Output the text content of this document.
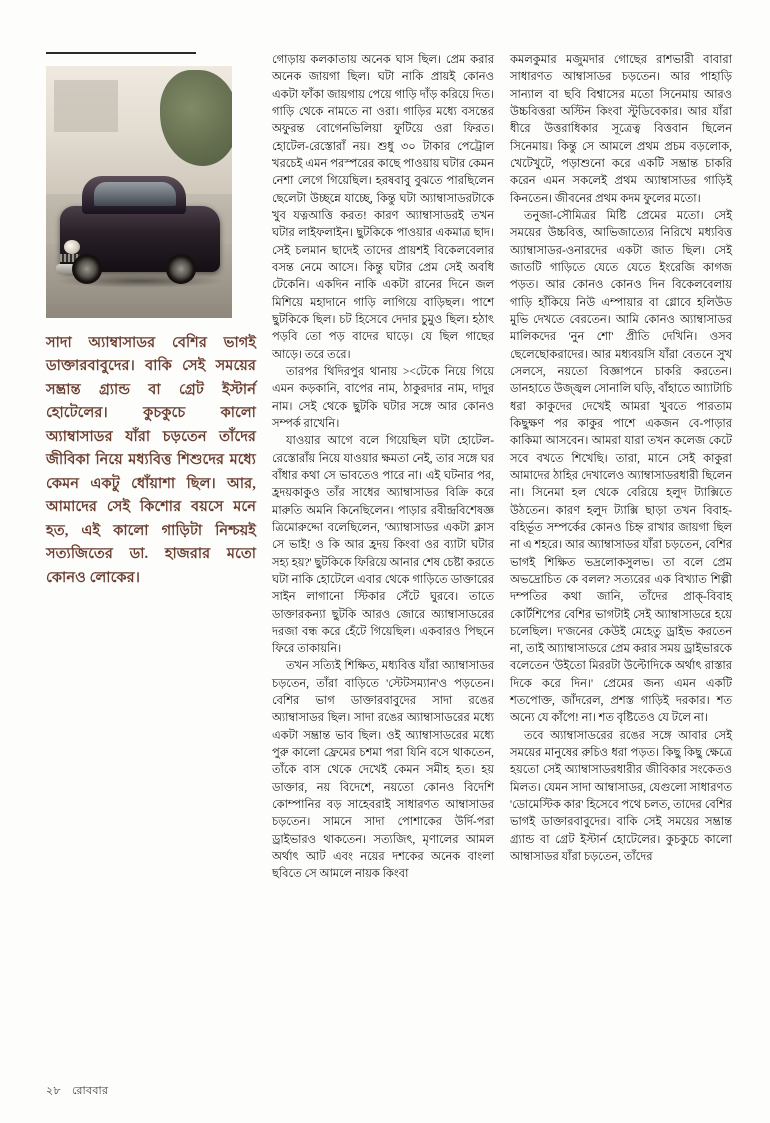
সাদা অ্যাম্বাসাডর বেশির ভাগই ডাক্তারবাবুদের। বাকি সেই সময়ের সম্ভ্রান্ত গ্র্যান্ড বা গ্রেট ইস্টার্ন হোটেলের। কুচকুচে কালো অ্যাম্বাসাডর যাঁরা চড়তেন তাঁদের জীবিকা নিয়ে মধ্যবিত্ত শিশুদের মধ্যে কেমন একটু ধোঁয়াশা ছিল। আর, আমাদের সেই কিশোর বয়সে মনে হত, এই কালো গাড়িটা নিশ্চয়ই সত্যজিতের ডা. হাজরার মতো কোনও লোকের।

গোড়ায় কলকাতায় অনেক ঘাস ছিল। প্রেম করার অনেক জায়গা ছিল। ঘটা নাকি প্রায়ই কোনও একটা ফাঁকা জায়গায় পেয়ে গাড়ি দাঁড় করিয়ে দিত। গাড়ি থেকে নামতে না ওরা। গাড়ির মধ্যে বসন্তের অফুরন্ত বোগেনভিলিয়া ফুটিয়ে ওরা ফিরত। হোটেল-রেস্তোরাঁ নয়। শুধু ৩০ টাকার পেট্রোল খরচেই এমন পরস্পরের কাছে পাওয়ায় ঘটার কেমন নেশা লেগে গিয়েছিল। হরষবাবু বুঝতে পারছিলেন ছেলেটা উচ্ছন্নে যাচ্ছে, কিন্তু ঘটা অ্যাম্বাসাডরটাকে খুব যত্নআত্তি করত! কারণ অ্যাম্বাসাডরই তখন ঘটার লাইফলাইন। ছুটকিকে পাওয়ার একমাত্র ছাদ। সেই চলমান ছাদেই তাদের প্রায়শই বিকেলবেলার বসন্ত নেমে আসে। কিন্তু ঘটার প্রেম সেই অবধি টেকেনি। একদিন নাকি একটা রানের দিনে জল মিশিয়ে মহাদানে গাড়ি লাগিয়ে বাড়িছল। পাশে ছুটকিকে ছিল। চট হিসেবে দেদার চুমুও ছিল। হঠাৎ পড়বি তো পড় বাদের ঘাড়ে। যে ছিল গাছের আড়ে। তরে তরে।

তারপর থিদিরপুর থানায় ><টেকে নিয়ে গিয়ে এমন কড়কানি, বাপের নাম, ঠাকুরদার নাম, দাদুর নাম। সেই থেকে ছুটকি ঘটার সঙ্গে আর কোনও সম্পর্ক রাখেনি।

যাওয়ার আগে বলে গিয়েছিল ঘটা হোটেল-রেস্তোরাঁয় নিয়ে যাওয়ার ক্ষমতা নেই, তার সঙ্গে ঘর বাঁধার কথা সে ভাবতেও পারে না। এই ঘটনার পর, হ্রদয়কাকুও তাঁর সাধের অ্যাম্বাসাডর বিক্রি করে মারুতি অমনি কিনেছিলেন। পাড়ার রবীন্দ্রবিশেষজ্ঞ ত্রিমোরুদ্দাে বলেছিলেন, 'অ্যাম্বাসাডর একটা ক্লাস সে ভাই! ও কি আর হ্রদয় কিংবা ওর ব্যাটা ঘটার সহ্য হয়?' ছুটকিকে ফিরিয়ে আনার শেষ চেষ্টা করতে ঘটা নাকি হোটেলে এবার থেকে গাড়িতে ডাক্তারের সাইন লাগানো স্টিকার সেঁটে ঘুরবে। তাতে ডাক্তারকন্যা ছুটকি আরও জোরে অ্যাম্বাসাডরের দরজা বন্ধ করে হেঁটে গিয়েছিল। একবারও পিছনে ফিরে তাকায়নি।

তখন সত্যিই শিক্ষিত, মধ্যবিত্ত যাঁরা অ্যাম্বাসাডর চড়তেন, তাঁরা বাড়িতে 'স্টেটসম্যান'ও পড়তেন। বেশির ভাগ ডাক্তারবাবুদের সাদা রঙের অ্যাম্বাসাডর ছিল। সাদা রঙের অ্যাম্বাসাডরের মধ্যে একটা সম্ভ্রান্ত ভাব ছিল। ওই অ্যাম্বাসাডরের মধ্যে পুরু কালো ফ্রেমের চশমা পরা যিনি বসে থাকতেন, তাঁকে বাস থেকে দেখেই কেমন সমীহ হত। হয় ডাক্তার, নয় বিদেশে, নয়তো কোনও বিদেশি কোম্পানির বড় সাহেবরাই সাধারণত আম্বাসাডর চড়তেন। সামনে সাদা পোশাকের উর্দি-পরা ড্রাইভারও থাকতেন। সত্যজিৎ, মৃণালের আমল অর্থাৎ আট এবং নয়ের দশকের অনেক বাংলা ছবিতে সে আমলে নায়ক কিংবা

কমলকুমার মজুমদার গোছের রাশভারী বাবারা সাধারণত আম্বাসাডর চড়তেন। আর পাহাড়ি সান্যাল বা ছবি বিশ্বাসের মতো সিনেমায় আরও উচ্চবিত্তরা অস্টিন কিংবা স্টুডিবেকার। আর যাঁরা ধীরে উত্তরাধিকার সূত্রেত্ব বিত্তবান ছিলেন সিনেমায়। কিন্তু সে আমলে প্রথম প্রচম বড়লোক, খেটেখুটে, পড়াশুনো করে একটি সম্ভ্রান্ত চাকরি করেন এমন সকলেই প্রথম অ্যাম্বাসাডর গাড়িই কিনতেন। জীবনের প্রথম কদম ফুলের মতো।

তনুজা-সৌমিত্রর মিষ্টি প্রেমের মতো। সেই সময়ের উচ্চবিত্ত, আভিজাত্যের নিরিখে মধ্যবিত্ত অ্যাম্বাসাডর-ওনারদের একটা জাত ছিল। সেই জাতটি গাড়িতে যেতে যেতে ইংরেজি কাগজ পড়ত। আর কোনও কোনও দিন বিকেলবেলায় গাড়ি হাঁকিয়ে নিউ এম্পায়ার বা গ্লোবে হলিউড মুভি দেখতে বেরতেন। আমি কোনও অ্যাম্বাসাডর মালিকদের 'নুন শো' প্রীতি দেখিনি। ওসব ছেলেছোকরাদের। আর মধ্যবয়সি যাঁরা বেতনে সুখ সেলসে, নয়তো বিজ্ঞাপনে চাকরি করতেন। ডানহাতে উজ্জ্বল সোনালি ঘড়ি, বাঁহাতে আ্যাটাচি ধরা কাকুদের দেখেই আমরা খুবতে পারতাম কিছুক্ষণ পর কাকুর পাশে একজন বে-পাড়ার কাকিমা আসবেন। আমরা যারা তখন কলেজ কেটে সবে বখতে শিখেছি। তারা, মানে সেই কাকুরা আমাদের ঠাহির দেখালেও অ্যাম্বাসাডরধারী ছিলেন না। সিনেমা হল থেকে বেরিয়ে হলুদ ট্যাক্সিতে উঠতেন। কারণ হলুদ ট্যাক্সি ছাড়া তখন বিবাহ-বহির্ভূত সম্পর্কের কোনও চিহ্ন রাখার জায়গা ছিল না এ শহরে। আর অ্যাম্বাসাডর যাঁরা চড়তেন, বেশির ভাগই শিক্ষিত ভদ্রলোকসুলভ। তা বলে প্রেম অভদ্রোচিত কে বলল? সত্যরের এক বিখ্যাত শিল্পী দম্পতির কথা জানি, তাঁদের প্রাক্‌-বিবাহ কোর্টশিপের বেশির ভাগটাই সেই অ্যাম্বাসাডরে হয়ে চলেছিল। দ'জনের কেউই মেহেতু ড্রাইভ করতেন না, তাই আ্যাম্বাসাডরে প্রেম করার সময় ড্রাইভারকে বলেতেন 'উইতো মিররটা উল্টোদিকে অর্থাৎ রাস্তার দিকে করে দিন।' প্রেমের জন্য এমন একটি শতপোক্ত, জাঁদরেল, প্রশস্ত গাড়িই দরকার। শত অন্যে যে কাঁপে! না। শত বৃষ্টিতেও যে টলে না।

তবে অ্যাম্বাসাডরের রঙের সঙ্গে আবার সেই সময়ের মানুষের রুচিও ধরা পড়ত। কিছু কিছু ক্ষেত্রে হয়তো সেই অ্যাম্বাসাডরধারীর জীবিকার সংকেতও মিলত। যেমন সাদা আম্বাসাডর, যেগুলো সাধারণত 'ডোমেস্টিক কার' হিসেবে পথে চলত, তাদের বেশির ভাগই ডাক্তারবাবুদের। বাকি সেই সময়ের সম্ভ্রান্ত গ্র্যান্ড বা গ্রেট ইস্টার্ন হোটেলের। কুচকুচে কালো আম্বাসাডর যাঁরা চড়তেন, তাঁদের

২৮ রোববার
